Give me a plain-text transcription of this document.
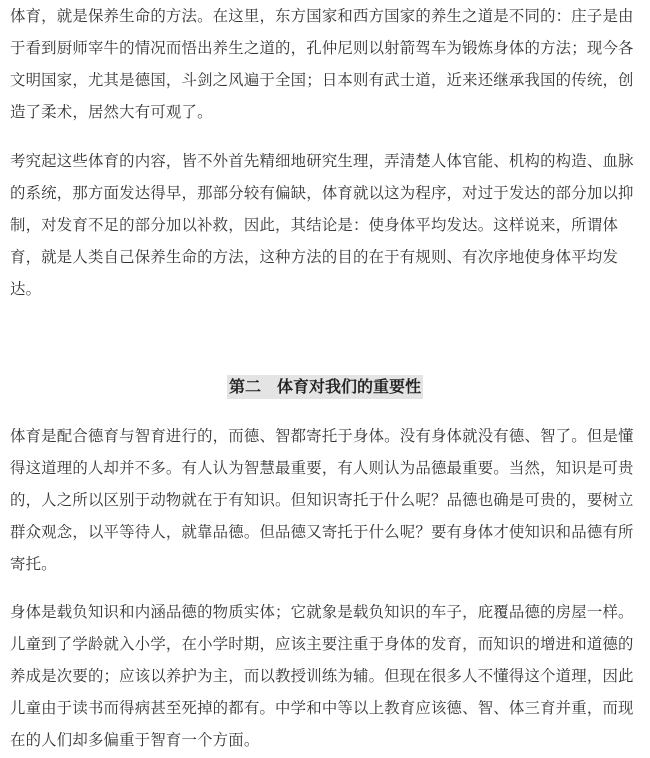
体育，就是保养生命的方法。在这里，东方国家和西方国家的养生之道是不同的：庄子是由
于看到厨师宰牛的情况而悟出养生之道的，孔仲尼则以射箭驾车为锻炼身体的方法；现今各
文明国家，尤其是德国，斗剑之风遍于全国；日本则有武士道，近来还继承我国的传统，创
造了柔术，居然大有可观了。

考究起这些体育的内容，皆不外首先精细地研究生理，弄清楚人体官能、机构的构造、血脉
的系统，那方面发达得早，那部分较有偏缺，体育就以这为程序，对过于发达的部分加以抑
制，对发育不足的部分加以补救，因此，其结论是：使身体平均发达。这样说来，所谓体
育，就是人类自己保养生命的方法，这种方法的目的在于有规则、有次序地使身体平均发
达。

第二　体育对我们的重要性

体育是配合德育与智育进行的，而德、智都寄托于身体。没有身体就没有德、智了。但是懂
得这道理的人却并不多。有人认为智慧最重要，有人则认为品德最重要。当然，知识是可贵
的，人之所以区别于动物就在于有知识。但知识寄托于什么呢？品德也确是可贵的，要树立
群众观念，以平等待人，就靠品德。但品德又寄托于什么呢？要有身体才使知识和品德有所
寄托。

身体是载负知识和内涵品德的物质实体；它就象是载负知识的车子，庇覆品德的房屋一样。
儿童到了学龄就入小学，在小学时期，应该主要注重于身体的发育，而知识的增进和道德的
养成是次要的；应该以养护为主，而以教授训练为辅。但现在很多人不懂得这个道理，因此
儿童由于读书而得病甚至死掉的都有。中学和中等以上教育应该德、智、体三育并重，而现
在的人们却多偏重于智育一个方面。
